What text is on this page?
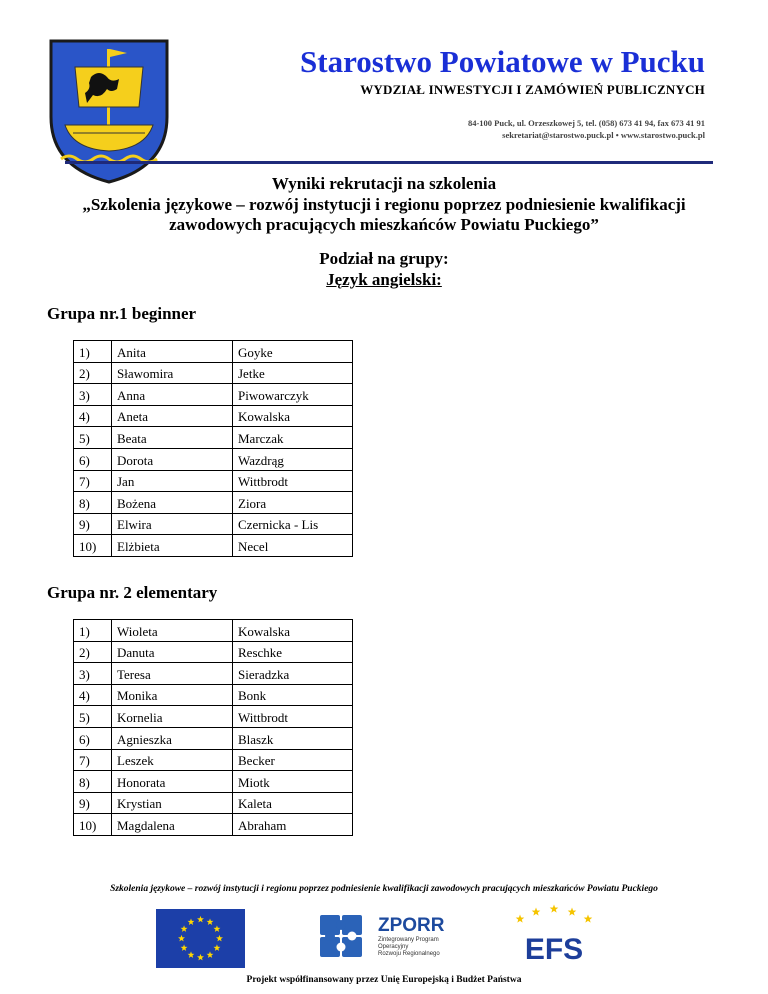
Starostwo Powiatowe w Pucku
WYDZIAŁ INWESTYCJI I ZAMÓWIEŃ PUBLICZNYCH
84-100 Puck, ul. Orzeszkowej 5, tel. (058) 673 41 94, fax 673 41 91
sekretariat@starostwo.puck.pl • www.starostwo.puck.pl
Wyniki rekrutacji na szkolenia
„Szkolenia językowe – rozwój instytucji i regionu poprzez podniesienie kwalifikacji
zawodowych pracujących mieszkańców Powiatu Puckiego”
Podział na grupy:
Język angielski:
Grupa nr.1 beginner
1)	Anita	Goyke
2)	Sławomira	Jetke
3)	Anna	Piwowarczyk
4)	Aneta	Kowalska
5)	Beata	Marczak
6)	Dorota	Wazdrąg
7)	Jan	Wittbrodt
8)	Bożena	Ziora
9)	Elwira	Czernicka - Lis
10)	Elżbieta	Necel
Grupa nr. 2 elementary
1)	Wioleta	Kowalska
2)	Danuta	Reschke
3)	Teresa	Sieradzka
4)	Monika	Bonk
5)	Kornelia	Wittbrodt
6)	Agnieszka	Blaszk
7)	Leszek	Becker
8)	Honorata	Miotk
9)	Krystian	Kaleta
10)	Magdalena	Abraham
Szkolenia językowe – rozwój instytucji i regionu poprzez podniesienie kwalifikacji zawodowych pracujących mieszkańców Powiatu Puckiego
ZPORR
Zintegrowany Program
Operacyjny
Rozwoju Regionalnego	EFS
Projekt współfinansowany przez Unię Europejską i Budżet Państwa
